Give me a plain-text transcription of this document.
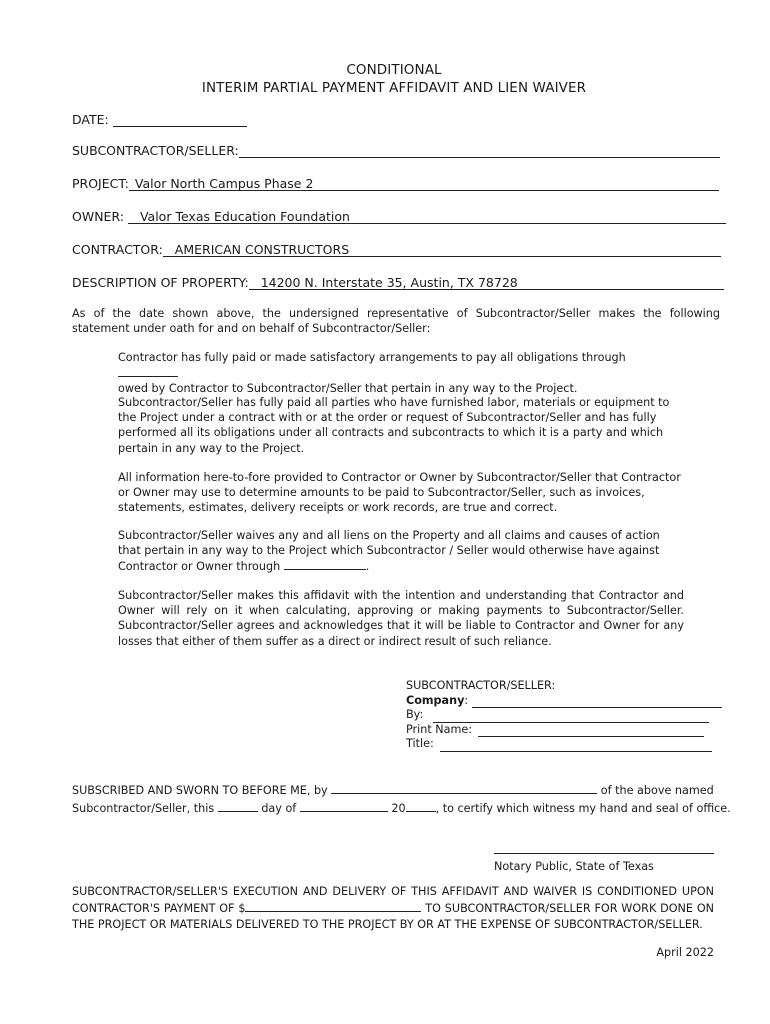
CONDITIONAL
INTERIM PARTIAL PAYMENT AFFIDAVIT AND LIEN WAIVER
DATE:
SUBCONTRACTOR/SELLER:
PROJECT: Valor North Campus Phase 2
OWNER:	Valor Texas Education Foundation
CONTRACTOR: AMERICAN CONSTRUCTORS
DESCRIPTION OF PROPERTY: 14200 N. Interstate 35, Austin, TX 78728
As of the date shown above, the undersigned representative of Subcontractor/Seller makes the following statement under oath for and on behalf of Subcontractor/Seller:
Contractor has fully paid or made satisfactory arrangements to pay all obligations through
owed by Contractor to Subcontractor/Seller that pertain in any way to the Project.
Subcontractor/Seller has fully paid all parties who have furnished labor, materials or equipment to the Project under a contract with or at the order or request of Subcontractor/Seller and has fully performed all its obligations under all contracts and subcontracts to which it is a party and which pertain in any way to the Project.
All information here-to-fore provided to Contractor or Owner by Subcontractor/Seller that Contractor or Owner may use to determine amounts to be paid to Subcontractor/Seller, such as invoices, statements, estimates, delivery receipts or work records, are true and correct.
Subcontractor/Seller waives any and all liens on the Property and all claims and causes of action that pertain in any way to the Project which Subcontractor / Seller would otherwise have against Contractor or Owner through	.
Subcontractor/Seller makes this affidavit with the intention and understanding that Contractor and Owner will rely on it when calculating, approving or making payments to Subcontractor/Seller. Subcontractor/Seller agrees and acknowledges that it will be liable to Contractor and Owner for any losses that either of them suffer as a direct or indirect result of such reliance.
SUBCONTRACTOR/SELLER:
Company :
By:
Print Name:
Title:
SUBSCRIBED AND SWORN TO BEFORE ME, by	of the above named
Subcontractor/Seller, this	day of	20	, to certify which witness my hand and seal of office.
Notary Public, State of Texas
SUBCONTRACTOR/SELLER'S EXECUTION AND DELIVERY OF THIS AFFIDAVIT AND WAIVER IS CONDITIONED UPON CONTRACTOR'S PAYMENT OF $	TO SUBCONTRACTOR/SELLER FOR WORK DONE ON THE PROJECT OR MATERIALS DELIVERED TO THE PROJECT BY OR AT THE EXPENSE OF SUBCONTRACTOR/SELLER.
April 2022
